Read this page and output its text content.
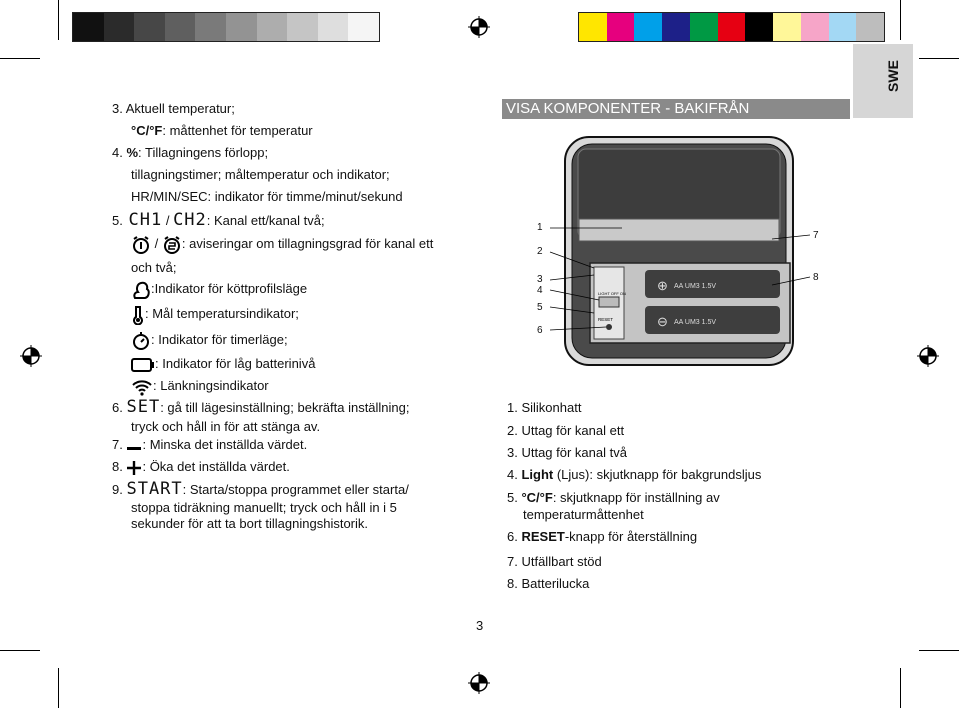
SWE
3. Aktuell temperatur;
°C/°F: måttenhet för temperatur
4. %: Tillagningens förlopp;
tillagningstimer; måltemperatur och indikator;
HR/MIN/SEC: indikator för timme/minut/sekund
5. CH1 / CH2: Kanal ett/kanal två;
/ : aviseringar om tillagningsgrad för kanal ett
och två;
:Indikator för köttprofilsläge
: Mål temperatursindikator;
: Indikator för timerläge;
: Indikator för låg batterinivå
: Länkningsindikator
6. SET: gå till lägesinställning; bekräfta inställning;
tryck och håll in för att stänga av.
7. : Minska det inställda värdet.
8. : Öka det inställda värdet.
9. START: Starta/stoppa programmet eller starta/
stoppa tidräkning manuellt; tryck och håll in i 5
sekunder för att ta bort tillagningshistorik.
VISA KOMPONENTER - BAKIFRÅN
AA UM3 1.5V
AA UM3 1.5V
⊕
⊖
LIGHT OFF ON
RESET
1
2
3
4
5
6
7
8
1. Silikonhatt
2. Uttag för kanal ett
3. Uttag för kanal två
4. Light (Ljus): skjutknapp för bakgrundsljus
5. °C/°F: skjutknapp för inställning av
temperaturmåttenhet
6. RESET-knapp för återställning
7. Utfällbart stöd
8. Batterilucka
3
